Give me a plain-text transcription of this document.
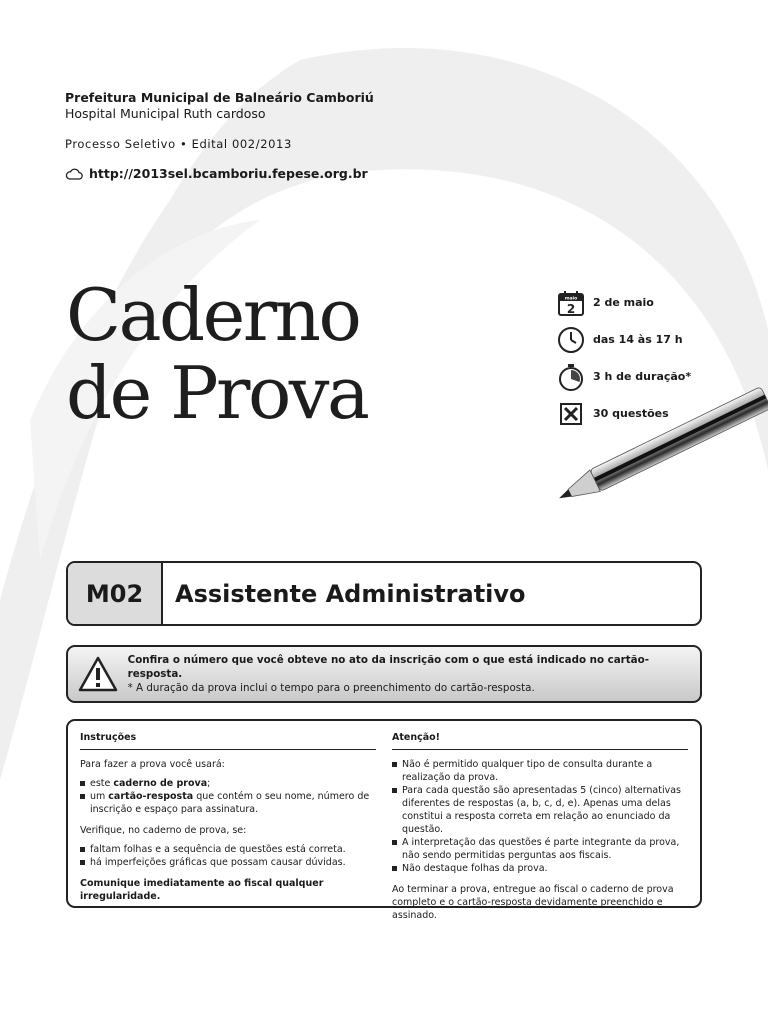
Prefeitura Municipal de Balneário Camboriú
Hospital Municipal Ruth cardoso
Processo Seletivo • Edital 002/2013
http://2013sel.bcamboriu.fepese.org.br
Caderno
de Prova
maio
2 2 de maio
das 14 às 17 h
3 h de duração*
30 questões
M02	Assistente Administrativo
Confira o número que você obteve no ato da inscrição com o que está indicado no cartão-resposta.
* A duração da prova inclui o tempo para o preenchimento do cartão-resposta.
Instruções

Para fazer a prova você usará:

este caderno de prova;
um cartão-resposta que contém o seu nome, número de inscrição e espaço para assinatura.

Verifique, no caderno de prova, se:

faltam folhas e a sequência de questões está correta.
há imperfeições gráficas que possam causar dúvidas.

Comunique imediatamente ao fiscal qualquer irregularidade.

Atenção!
Não é permitido qualquer tipo de consulta durante a realização da prova.
Para cada questão são apresentadas 5 (cinco) alternativas diferentes de respostas (a, b, c, d, e). Apenas uma delas constitui a resposta correta em relação ao enunciado da questão.
A interpretação das questões é parte integrante da prova, não sendo permitidas perguntas aos fiscais.
Não destaque folhas da prova.

Ao terminar a prova, entregue ao fiscal o caderno de prova completo e o cartão-resposta devidamente preenchido e assinado.
